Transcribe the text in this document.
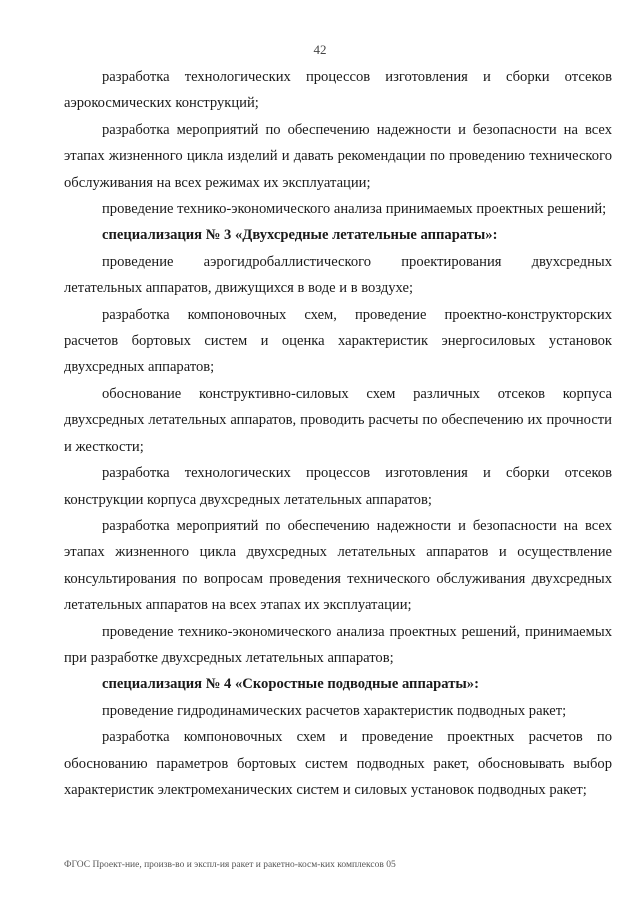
42

разработка технологических процессов изготовления и сборки отсеков аэрокосмических конструкций;

разработка мероприятий по обеспечению надежности и безопасности на всех этапах жизненного цикла изделий и давать рекомендации по проведению технического обслуживания на всех режимах их эксплуатации;

проведение технико-экономического анализа принимаемых проектных решений;

специализация № 3 «Двухсредные летательные аппараты»:

проведение аэрогидробаллистического проектирования двухсредных летательных аппаратов, движущихся в воде и в воздухе;

разработка компоновочных схем, проведение проектно-конструкторских расчетов бортовых систем и оценка характеристик энергосиловых установок двухсредных аппаратов;

обоснование конструктивно-силовых схем различных отсеков корпуса двухсредных летательных аппаратов, проводить расчеты по обеспечению их прочности и жесткости;

разработка технологических процессов изготовления и сборки отсеков конструкции корпуса двухсредных летательных аппаратов;

разработка мероприятий по обеспечению надежности и безопасности на всех этапах жизненного цикла двухсредных летательных аппаратов и осуществление консультирования по вопросам проведения технического обслуживания двухсредных летательных аппаратов на всех этапах их эксплуатации;

проведение технико-экономического анализа проектных решений, принимаемых при разработке двухсредных летательных аппаратов;

специализация № 4 «Скоростные подводные аппараты»:

проведение гидродинамических расчетов характеристик подводных ракет;

разработка компоновочных схем и проведение проектных расчетов по обоснованию параметров бортовых систем подводных ракет, обосновывать выбор характеристик электромеханических систем и силовых установок подводных ракет;

ФГОС Проект-ние, произв-во и экспл-ия ракет и ракетно-косм-ких комплексов 05
